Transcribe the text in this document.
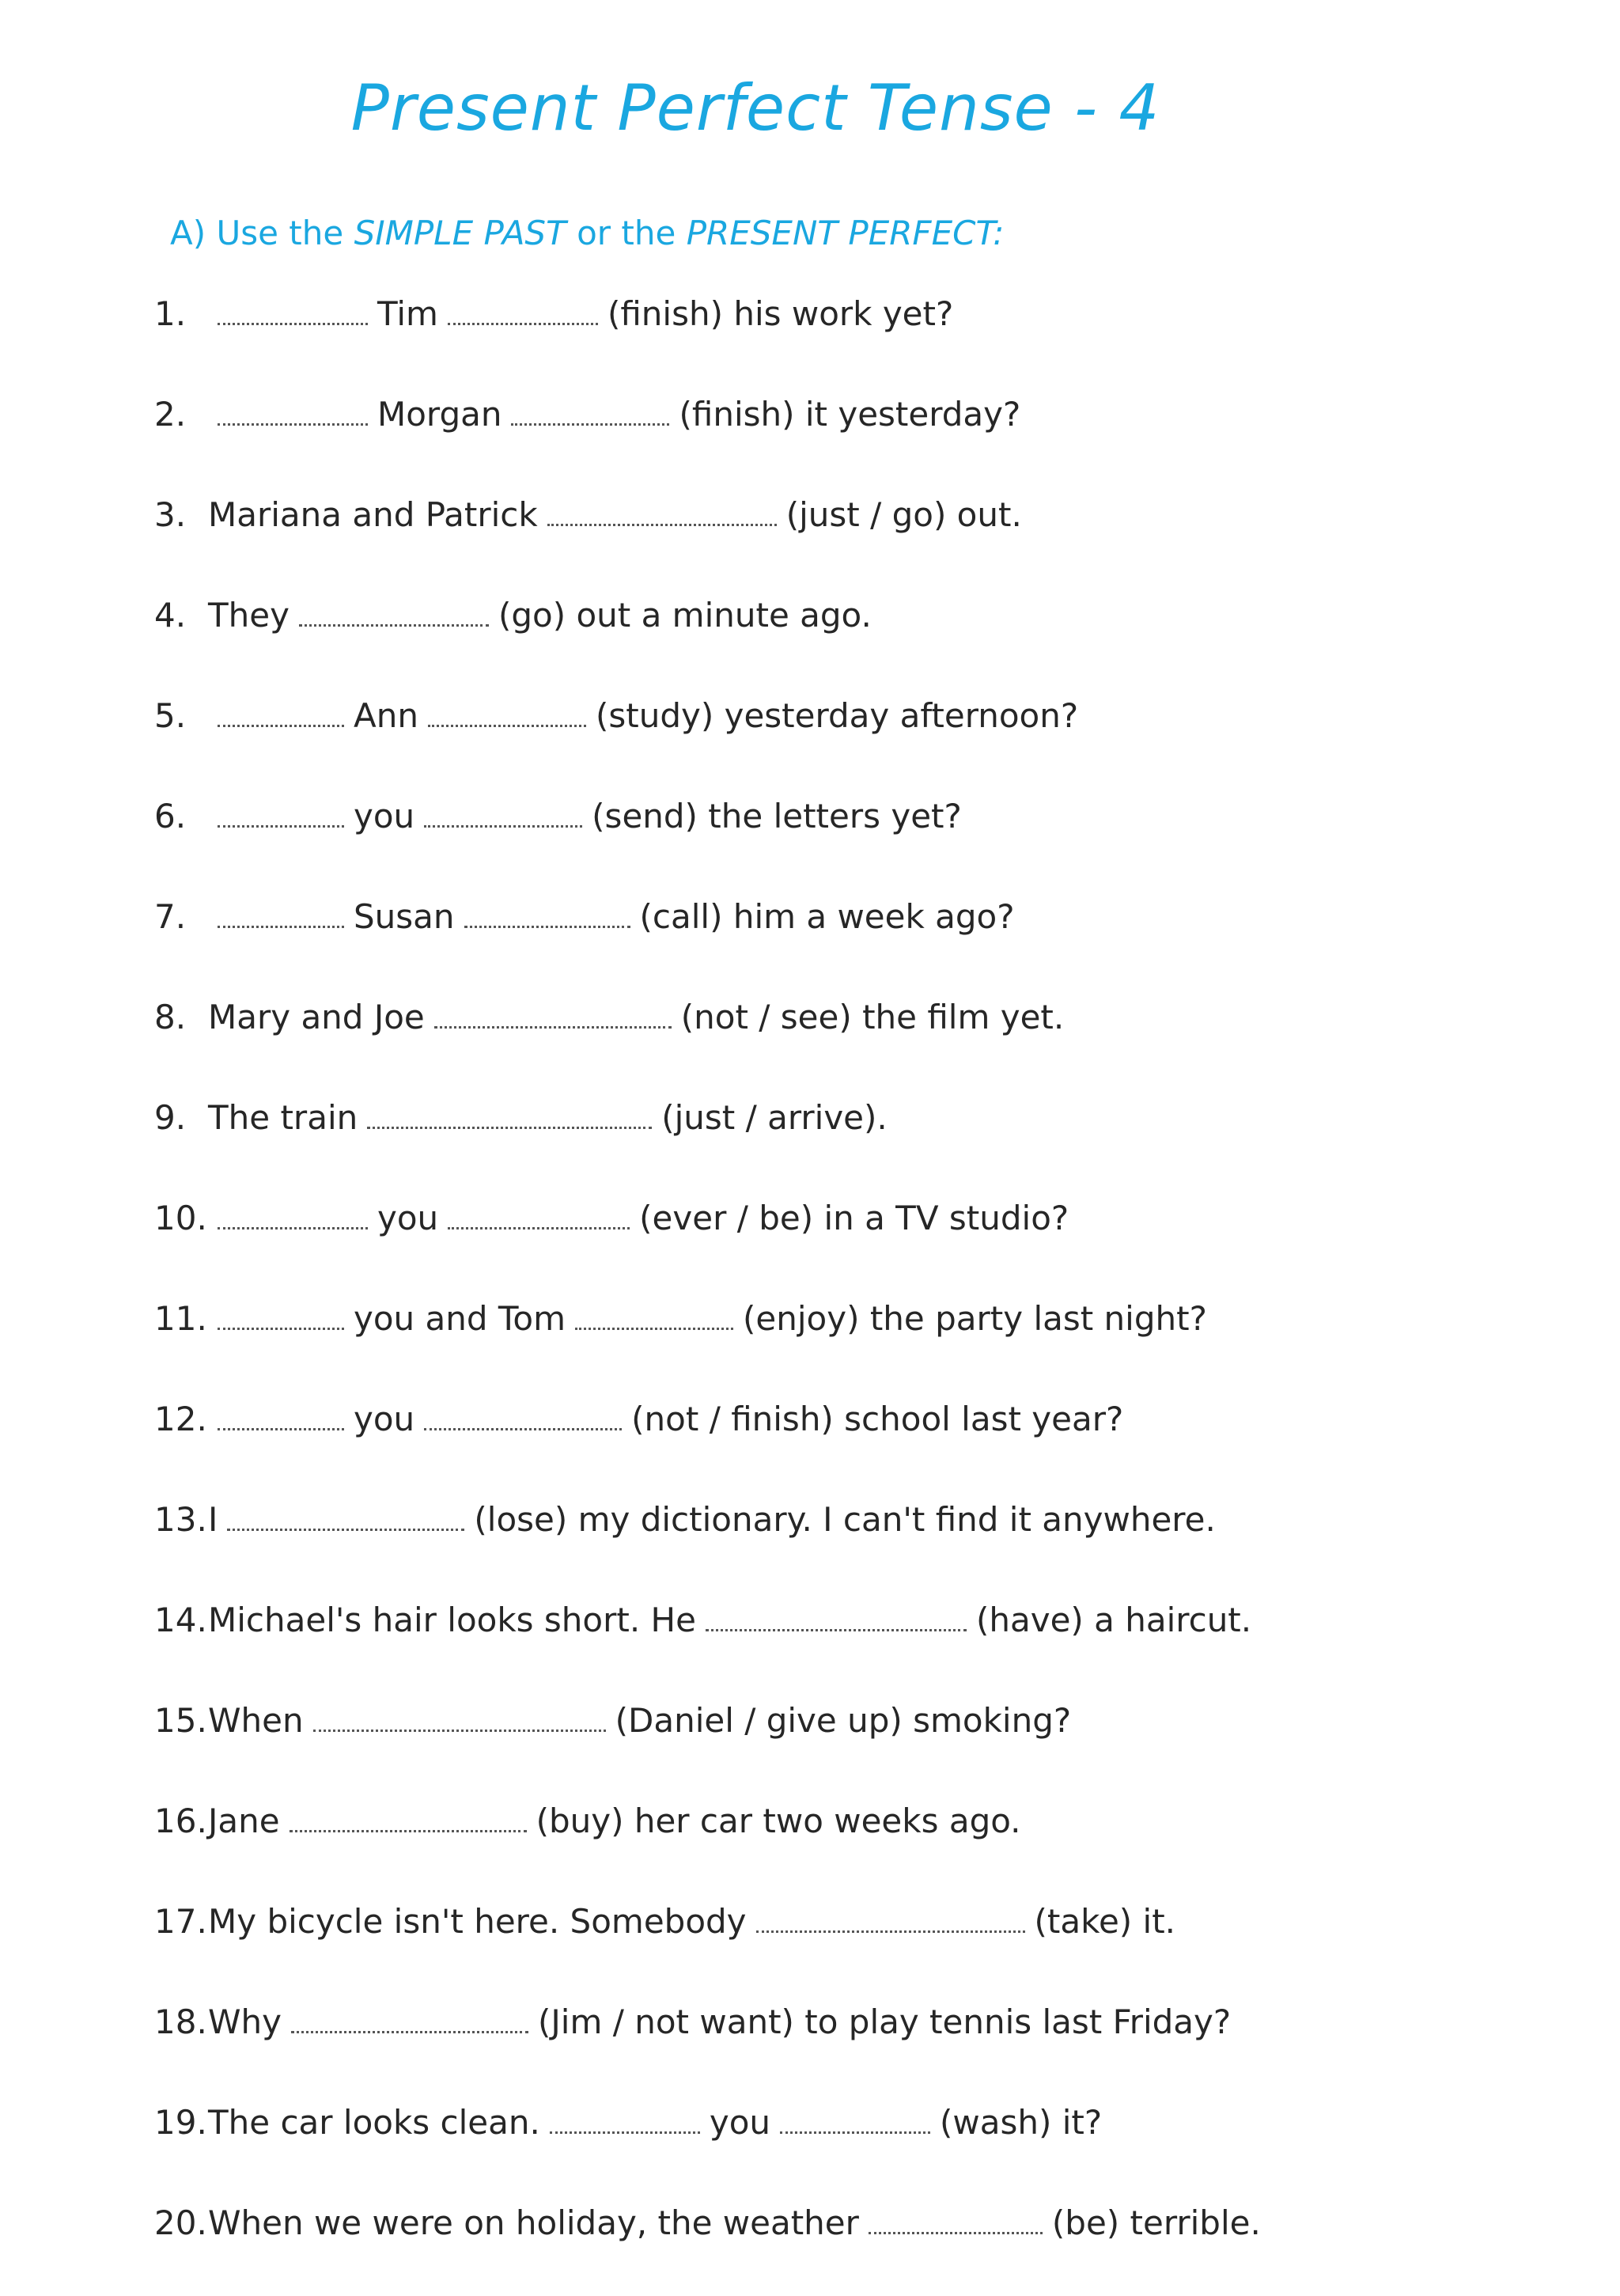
Present Perfect Tense - 4
A) Use the SIMPLE PAST or the PRESENT PERFECT:
1.	Tim	(finish) his work yet?
2.	Morgan	(finish) it yesterday?
3. Mariana and Patrick	(just / go) out.
4. They	(go) out a minute ago.
5.	Ann	(study) yesterday afternoon?
6.	you	(send) the letters yet?
7.	Susan	(call) him a week ago?
8. Mary and Joe	(not / see) the film yet.
9. The train	(just / arrive).
10.	you	(ever / be) in a TV studio?
11.	you and Tom	(enjoy) the party last night?
12.	you	(not / finish) school last year?
13.I	(lose) my dictionary. I can't find it anywhere.
14.Michael's hair looks short. He	(have) a haircut.
15.When	(Daniel / give up) smoking?
16.Jane	(buy) her car two weeks ago.
17.My bicycle isn't here. Somebody	(take) it.
18.Why	(Jim / not want) to play tennis last Friday?
19.The car looks clean.	you	(wash) it?
20.When we were on holiday, the weather	(be) terrible.
